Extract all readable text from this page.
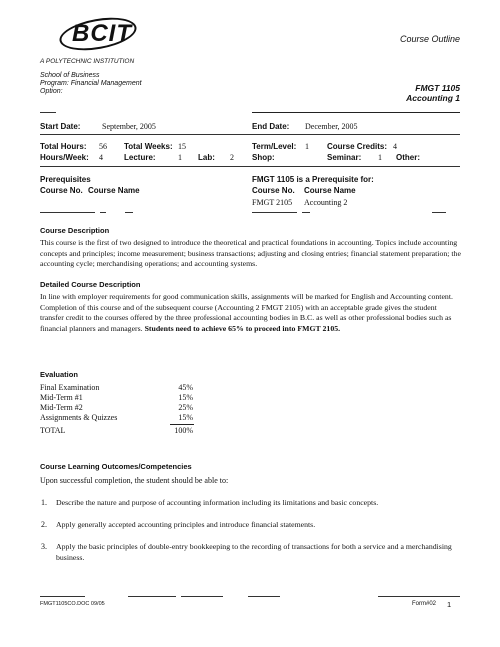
BCIT
A POLYTECHNIC INSTITUTION
Course Outline
School of Business
Program: Financial Management
Option:	FMGT 1105
Accounting 1
Start Date:	September, 2005	End Date: December, 2005
Total Hours: 56 Total Weeks: 15	Term/Level: 1 Course Credits: 4
Hours/Week: 4	Lecture:	1 Lab: 2 Shop:	Seminar: 1 Other:
Prerequisites	FMGT 1105 is a Prerequisite for:
Course No. Course Name	Course No. Course Name
FMGT 2105 Accounting 2
Course Description
This course is the first of two designed to introduce the theoretical and practical foundations in accounting. Topics include accounting concepts and principles; income measurement; business transactions; adjusting and closing entries; financial statement preparation; the accounting cycle; merchandising operations; and accounting systems.
Detailed Course Description
In line with employer requirements for good communication skills, assignments will be marked for English and Accounting content. Completion of this course and of the subsequent course (Accounting 2 FMGT 2105) with an acceptable grade gives the student transfer credit to the courses offered by the three professional accounting bodies in B.C. as well as other professional bodies such as financial planners and managers. Students need to achieve 65% to proceed into FMGT 2105.
Evaluation
Final Examination	45%
Mid-Term #1	15%
Mid-Term #2	25%
Assignments & Quizzes	15%
TOTAL	100%
Course Learning Outcomes/Competencies
Upon successful completion, the student should be able to:
1. Describe the nature and purpose of accounting information including its limitations and basic concepts.
2. Apply generally accepted accounting principles and introduce financial statements.
3. Apply the basic principles of double-entry bookkeeping to the recording of transactions for both a service and a merchandising business.
FMGT1105CO.DOC 09/05	Form#02 1
